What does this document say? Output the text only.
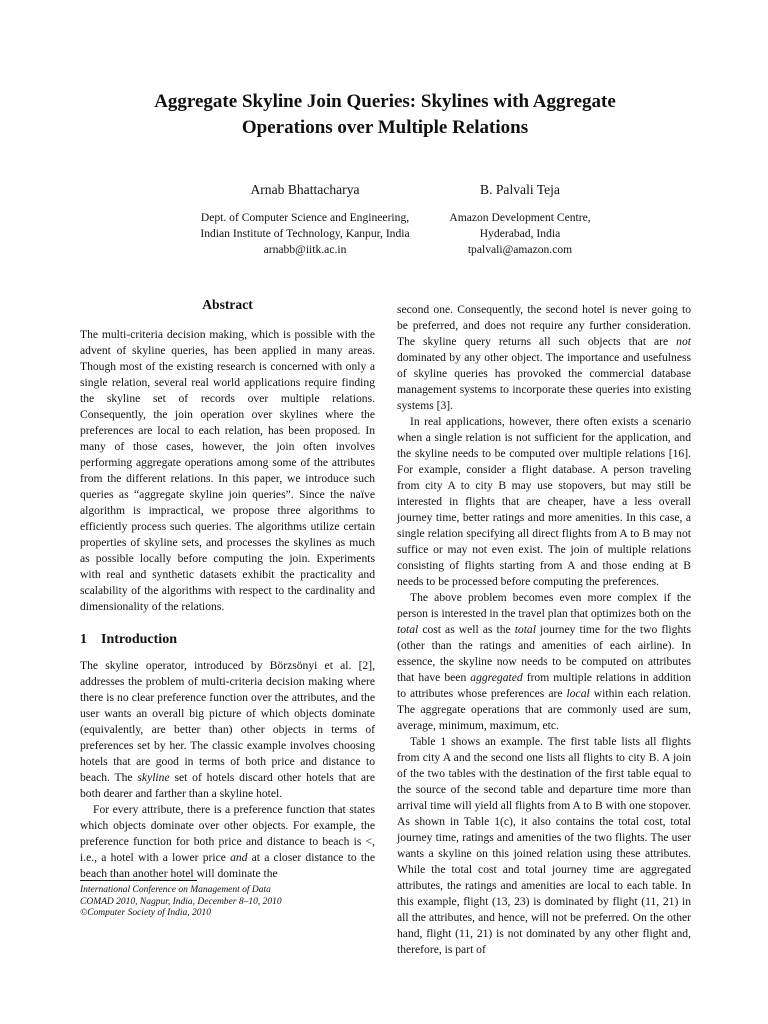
Aggregate Skyline Join Queries: Skylines with Aggregate
Operations over Multiple Relations
Arnab Bhattacharya
Dept. of Computer Science and Engineering,
Indian Institute of Technology, Kanpur, India
arnabb@iitk.ac.in
B. Palvali Teja
Amazon Development Centre,
Hyderabad, India
tpalvali@amazon.com
Abstract

The multi-criteria decision making, which is possible with the advent of skyline queries, has been applied in many areas. Though most of the existing research is concerned with only a single relation, several real world applications require finding the skyline set of records over multiple relations. Consequently, the join operation over skylines where the preferences are local to each relation, has been proposed. In many of those cases, however, the join often involves performing aggregate operations among some of the attributes from the different relations. In this paper, we introduce such queries as “aggregate skyline join queries”. Since the naïve algorithm is impractical, we propose three algorithms to efficiently process such queries. The algorithms utilize certain properties of skyline sets, and processes the skylines as much as possible locally before computing the join. Experiments with real and synthetic datasets exhibit the practicality and scalability of the algorithms with respect to the cardinality and dimensionality of the relations.

1 Introduction

The skyline operator, introduced by Börzsönyi et al. [2], addresses the problem of multi-criteria decision making where there is no clear preference function over the attributes, and the user wants an overall big picture of which objects dominate (equivalently, are better than) other objects in terms of preferences set by her. The classic example involves choosing hotels that are good in terms of both price and distance to beach. The skyline set of hotels discard other hotels that are both dearer and farther than a skyline hotel.

For every attribute, there is a preference function that states which objects dominate over other objects. For example, the preference function for both price and distance to beach is <, i.e., a hotel with a lower price and at a closer distance to the beach than another hotel will dominate the

International Conference on Management of Data
COMAD 2010, Nagpur, India, December 8–10, 2010
©Computer Society of India, 2010

second one. Consequently, the second hotel is never going to be preferred, and does not require any further consideration. The skyline query returns all such objects that are not dominated by any other object. The importance and usefulness of skyline queries has provoked the commercial database management systems to incorporate these queries into existing systems [3].

In real applications, however, there often exists a scenario when a single relation is not sufficient for the application, and the skyline needs to be computed over multiple relations [16]. For example, consider a flight database. A person traveling from city A to city B may use stopovers, but may still be interested in flights that are cheaper, have a less overall journey time, better ratings and more amenities. In this case, a single relation specifying all direct flights from A to B may not suffice or may not even exist. The join of multiple relations consisting of flights starting from A and those ending at B needs to be processed before computing the preferences.

The above problem becomes even more complex if the person is interested in the travel plan that optimizes both on the total cost as well as the total journey time for the two flights (other than the ratings and amenities of each airline). In essence, the skyline now needs to be computed on attributes that have been aggregated from multiple relations in addition to attributes whose preferences are local within each relation. The aggregate operations that are commonly used are sum, average, minimum, maximum, etc.

Table 1 shows an example. The first table lists all flights from city A and the second one lists all flights to city B. A join of the two tables with the destination of the first table equal to the source of the second table and departure time more than arrival time will yield all flights from A to B with one stopover. As shown in Table 1(c), it also contains the total cost, total journey time, ratings and amenities of the two flights. The user wants a skyline on this joined relation using these attributes. While the total cost and total journey time are aggregated attributes, the ratings and amenities are local to each table. In this example, flight (13, 23) is dominated by flight (11, 21) in all the attributes, and hence, will not be preferred. On the other hand, flight (11, 21) is not dominated by any other flight and, therefore, is part of
